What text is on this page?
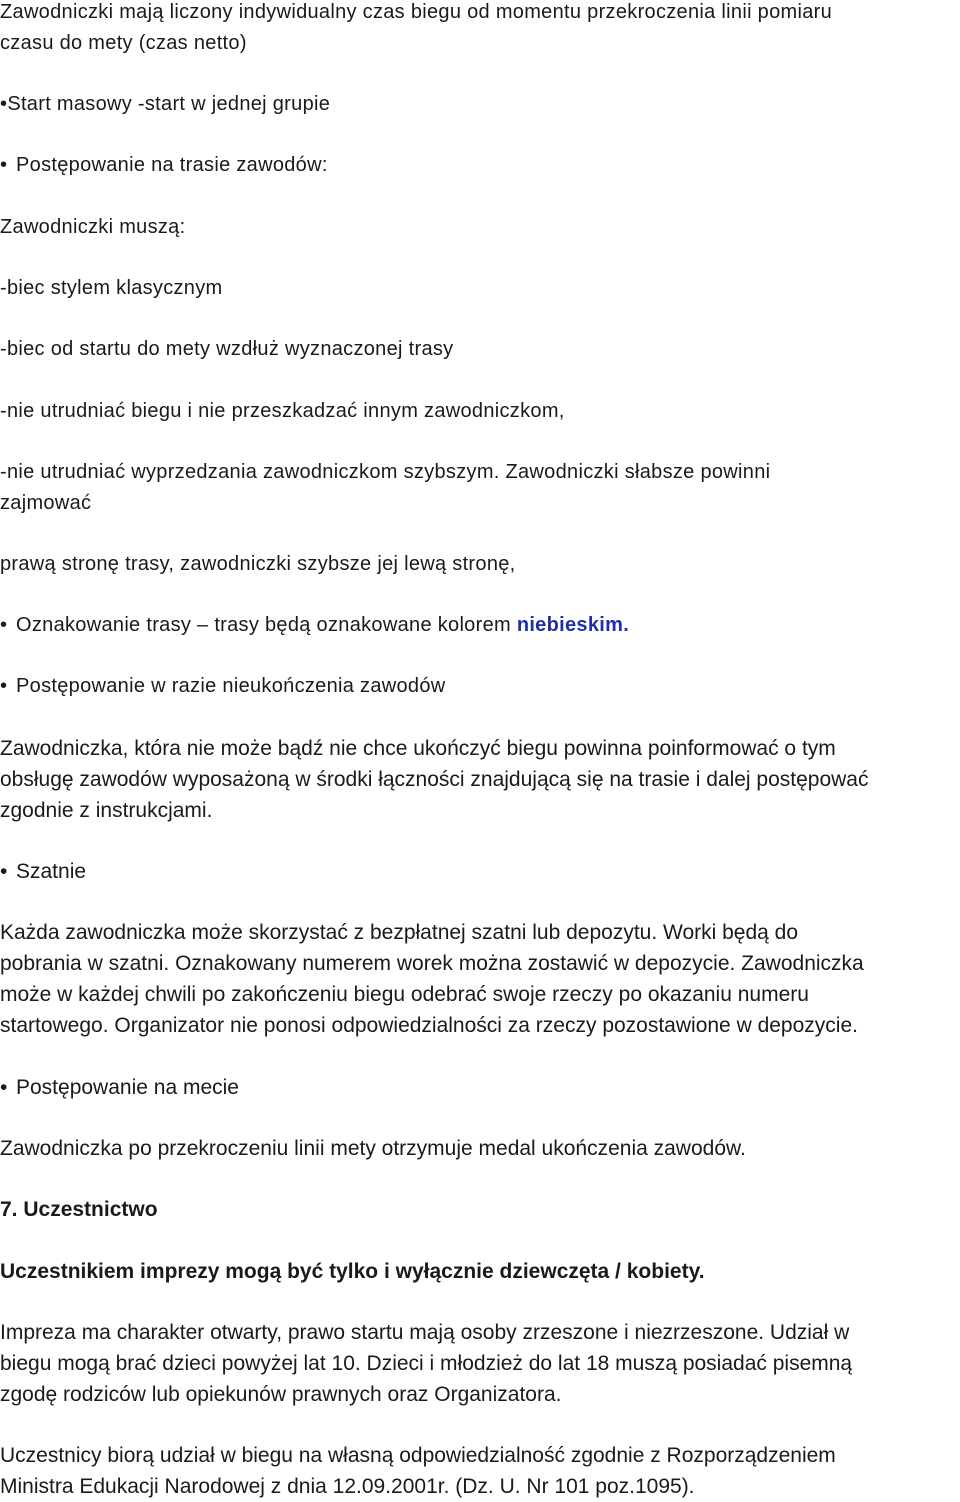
Zawodniczki mają liczony indywidualny czas biegu od momentu przekroczenia linii pomiaru
czasu do mety (czas netto)
•Start masowy -start w jednej grupie
• Postępowanie na trasie zawodów:
Zawodniczki muszą:
-biec stylem klasycznym
-biec od startu do mety wzdłuż wyznaczonej trasy
-nie utrudniać biegu i nie przeszkadzać innym zawodniczkom,
-nie utrudniać wyprzedzania zawodniczkom szybszym. Zawodniczki słabsze powinni
zajmować
prawą stronę trasy, zawodniczki szybsze jej lewą stronę,
• Oznakowanie trasy – trasy będą oznakowane kolorem niebieskim.
• Postępowanie w razie nieukończenia zawodów
Zawodniczka, która nie może bądź nie chce ukończyć biegu powinna poinformować o tym
obsługę zawodów wyposażoną w środki łączności znajdującą się na trasie i dalej postępować
zgodnie z instrukcjami.
• Szatnie
Każda zawodniczka może skorzystać z bezpłatnej szatni lub depozytu. Worki będą do
pobrania w szatni. Oznakowany numerem worek można zostawić w depozycie. Zawodniczka
może w każdej chwili po zakończeniu biegu odebrać swoje rzeczy po okazaniu numeru
startowego. Organizator nie ponosi odpowiedzialności za rzeczy pozostawione w depozycie.
• Postępowanie na mecie
Zawodniczka po przekroczeniu linii mety otrzymuje medal ukończenia zawodów.
7. Uczestnictwo
Uczestnikiem imprezy mogą być tylko i wyłącznie dziewczęta / kobiety.
Impreza ma charakter otwarty, prawo startu mają osoby zrzeszone i niezrzeszone. Udział w
biegu mogą brać dzieci powyżej lat 10. Dzieci i młodzież do lat 18 muszą posiadać pisemną
zgodę rodziców lub opiekunów prawnych oraz Organizatora.
Uczestnicy biorą udział w biegu na własną odpowiedzialność zgodnie z Rozporządzeniem
Ministra Edukacji Narodowej z dnia 12.09.2001r. (Dz. U. Nr 101 poz.1095).
